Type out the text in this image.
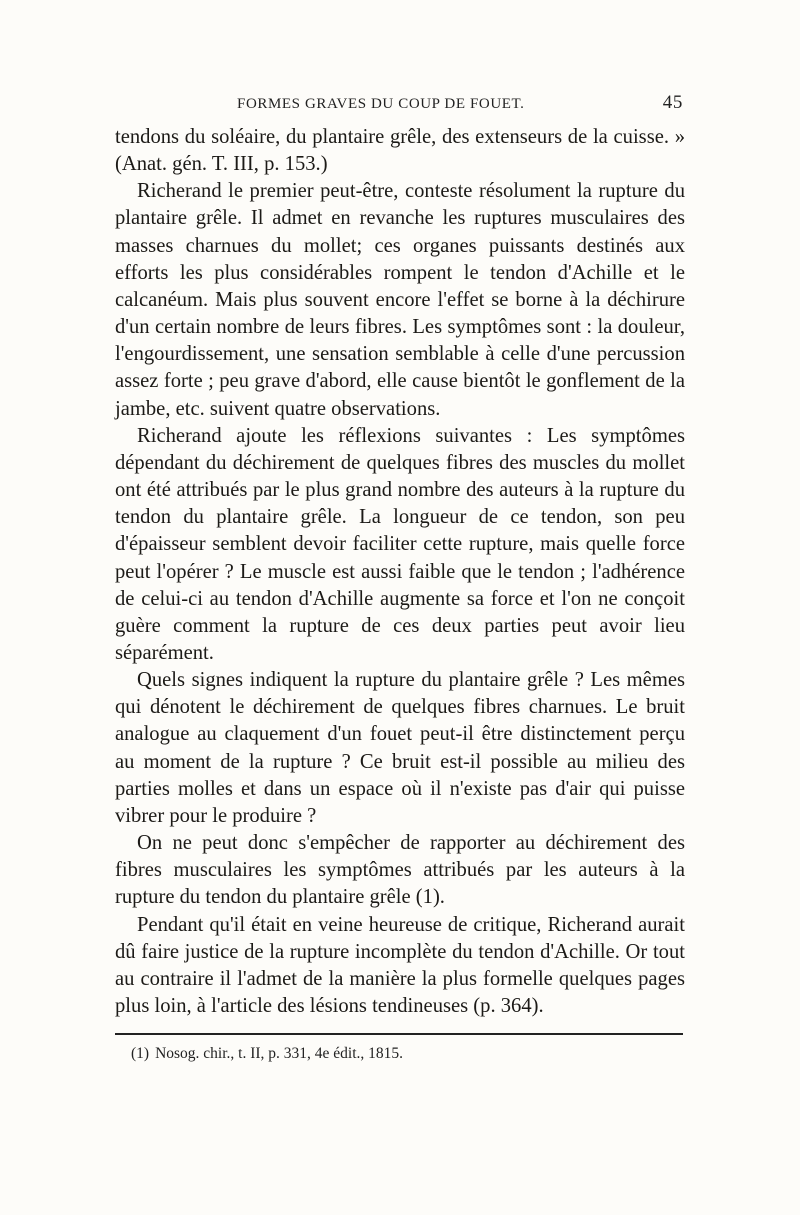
FORMES GRAVES DU COUP DE FOUET.	45

tendons du soléaire, du plantaire grêle, des extenseurs de la cuisse. » (Anat. gén. T. III, p. 153.)

Richerand le premier peut-être, conteste résolument la rupture du plantaire grêle. Il admet en revanche les ruptures musculaires des masses charnues du mollet; ces organes puissants destinés aux efforts les plus considérables rompent le tendon d'Achille et le calcanéum. Mais plus souvent encore l'effet se borne à la déchirure d'un certain nombre de leurs fibres. Les symptômes sont : la douleur, l'engourdissement, une sensation semblable à celle d'une percussion assez forte ; peu grave d'abord, elle cause bientôt le gonflement de la jambe, etc. suivent quatre observations.

Richerand ajoute les réflexions suivantes : Les symptômes dépendant du déchirement de quelques fibres des muscles du mollet ont été attribués par le plus grand nombre des auteurs à la rupture du tendon du plantaire grêle. La longueur de ce tendon, son peu d'épaisseur semblent devoir faciliter cette rupture, mais quelle force peut l'opérer ? Le muscle est aussi faible que le tendon ; l'adhérence de celui-ci au tendon d'Achille augmente sa force et l'on ne conçoit guère comment la rupture de ces deux parties peut avoir lieu séparément.

Quels signes indiquent la rupture du plantaire grêle ? Les mêmes qui dénotent le déchirement de quelques fibres charnues. Le bruit analogue au claquement d'un fouet peut-il être distinctement perçu au moment de la rupture ? Ce bruit est-il possible au milieu des parties molles et dans un espace où il n'existe pas d'air qui puisse vibrer pour le produire ?

On ne peut donc s'empêcher de rapporter au déchirement des fibres musculaires les symptômes attribués par les auteurs à la rupture du tendon du plantaire grêle (1).

Pendant qu'il était en veine heureuse de critique, Richerand aurait dû faire justice de la rupture incomplète du tendon d'Achille. Or tout au contraire il l'admet de la manière la plus formelle quelques pages plus loin, à l'article des lésions tendineuses (p. 364).

(1) Nosog. chir., t. II, p. 331, 4e édit., 1815.
